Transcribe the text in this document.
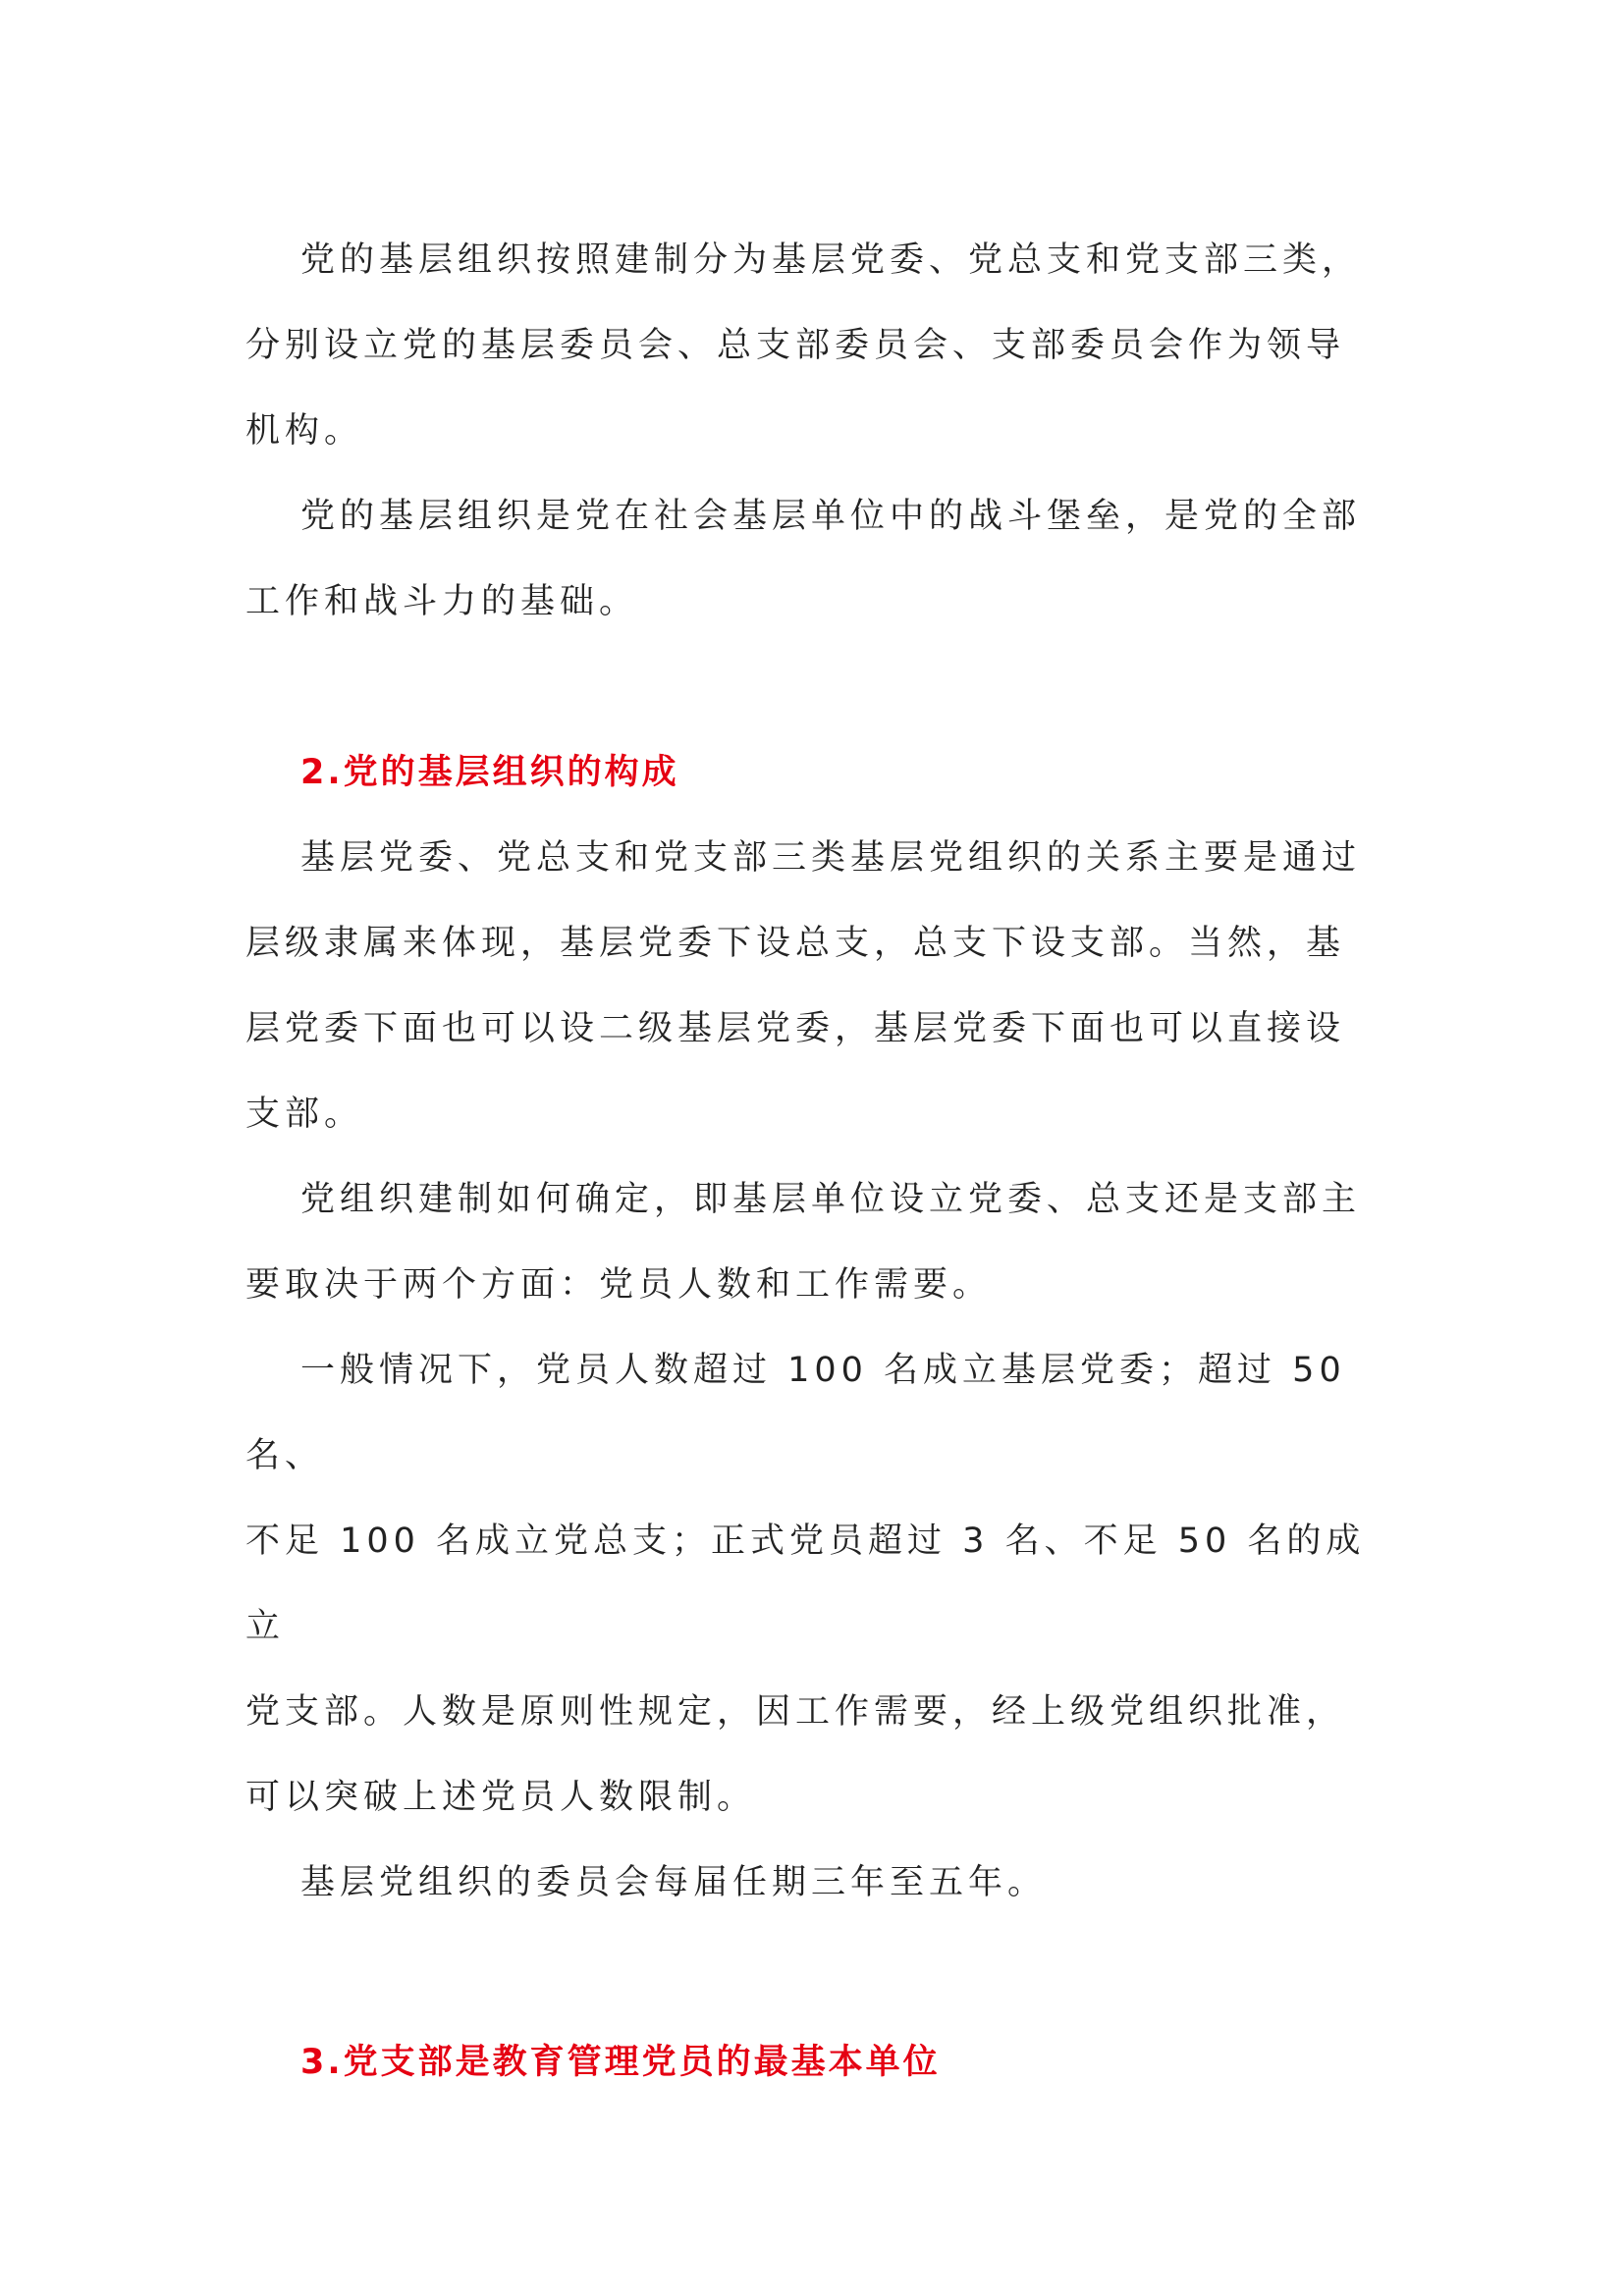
党的基层组织按照建制分为基层党委、党总支和党支部三类，
分别设立党的基层委员会、总支部委员会、支部委员会作为领导
机构。

党的基层组织是党在社会基层单位中的战斗堡垒，是党的全部
工作和战斗力的基础。

2.党的基层组织的构成

基层党委、党总支和党支部三类基层党组织的关系主要是通过
层级隶属来体现，基层党委下设总支，总支下设支部。当然，基
层党委下面也可以设二级基层党委，基层党委下面也可以直接设
支部。

党组织建制如何确定，即基层单位设立党委、总支还是支部主
要取决于两个方面：党员人数和工作需要。

一般情况下，党员人数超过 100 名成立基层党委；超过 50 名、
不足 100 名成立党总支；正式党员超过 3 名、不足 50 名的成立
党支部。人数是原则性规定，因工作需要，经上级党组织批准，
可以突破上述党员人数限制。

基层党组织的委员会每届任期三年至五年。

3.党支部是教育管理党员的最基本单位
